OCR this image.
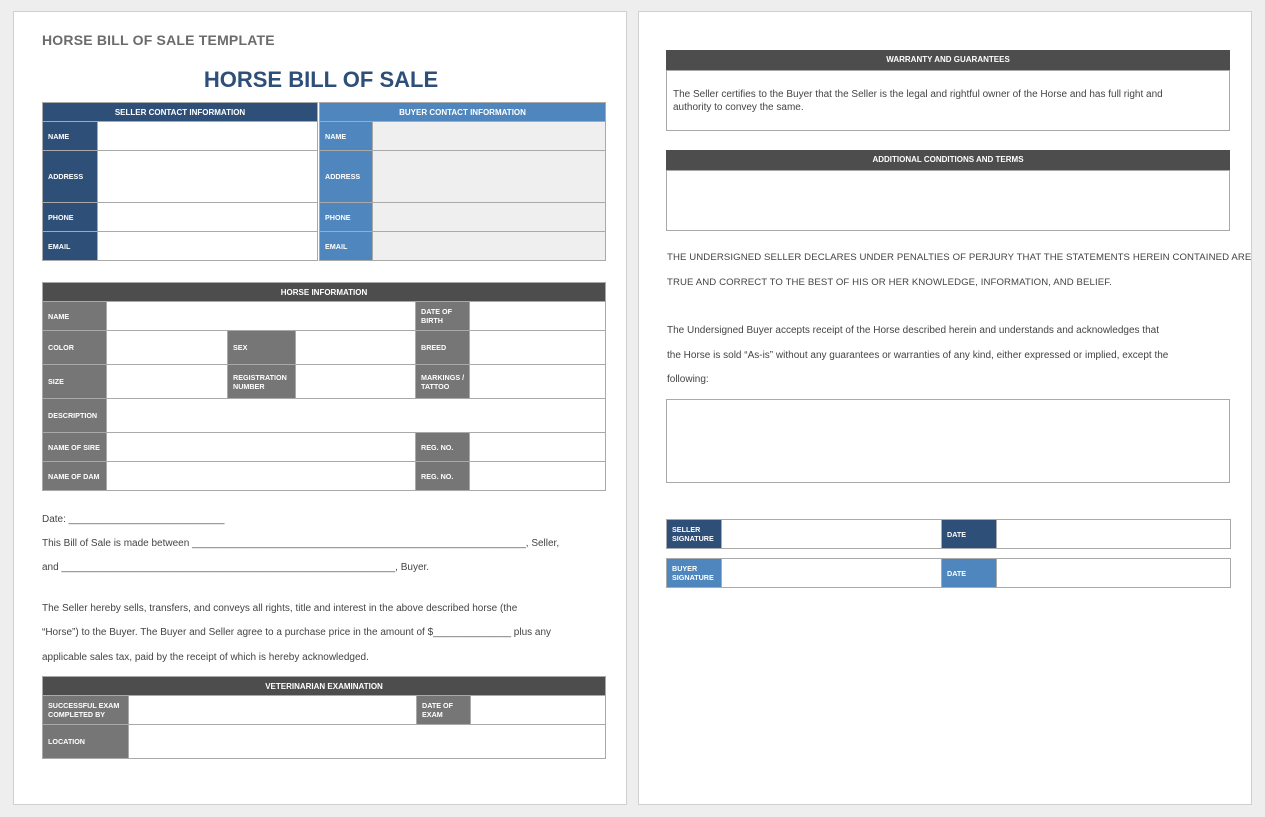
HORSE BILL OF SALE TEMPLATE
HORSE BILL OF SALE
SELLER CONTACT INFORMATION			BUYER CONTACT INFORMATION	
NAME			NAME	
ADDRESS			ADDRESS	
PHONE			PHONE	
EMAIL			EMAIL	
HORSE INFORMATION					
NAME				DATE OF BIRTH	
COLOR		SEX		BREED	
SIZE		REGISTRATION NUMBER		MARKINGS / TATTOO	
DESCRIPTION					
NAME OF SIRE				REG. NO.	
NAME OF DAM				REG. NO.	
Date: ____________________________
This Bill of Sale is made between ____________________________________________________________, Seller,
and ____________________________________________________________, Buyer.
The Seller hereby sells, transfers, and conveys all rights, title and interest in the above described horse (the
“Horse”) to the Buyer. The Buyer and Seller agree to a purchase price in the amount of $______________ plus any
applicable sales tax, paid by the receipt of which is hereby acknowledged.
VETERINARIAN EXAMINATION			
SUCCESSFUL EXAM COMPLETED BY		DATE OF EXAM	
LOCATION			
WARRANTY AND GUARANTEES
The Seller certifies to the Buyer that the Seller is the legal and rightful owner of the Horse and has full right and
authority to convey the same.
ADDITIONAL CONDITIONS AND TERMS
THE UNDERSIGNED SELLER DECLARES UNDER PENALTIES OF PERJURY THAT THE STATEMENTS HEREIN CONTAINED ARE
TRUE AND CORRECT TO THE BEST OF HIS OR HER KNOWLEDGE, INFORMATION, AND BELIEF.
The Undersigned Buyer accepts receipt of the Horse described herein and understands and acknowledges that
the Horse is sold “As-is” without any guarantees or warranties of any kind, either expressed or implied, except the
following:
SELLER SIGNATURE		DATE	
BUYER SIGNATURE		DATE	
